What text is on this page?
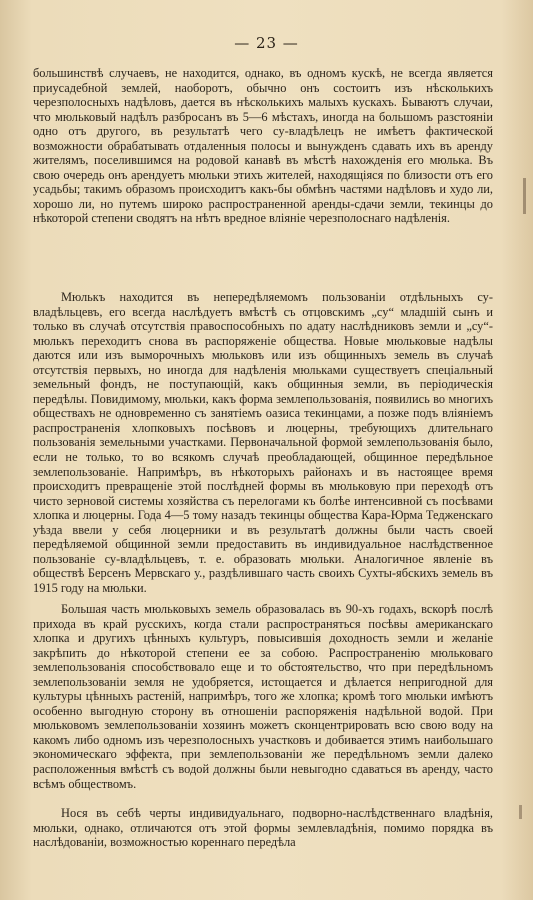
— 23 —

большинствѣ случаевъ, не находится, однако, въ одномъ кускѣ, не всегда является приусадебной землей, наоборотъ, обычно онъ состоитъ изъ нѣсколькихъ черезполосныхъ надѣловъ, дается въ нѣсколькихъ малыхъ кускахъ. Бываютъ случаи, что мюльковый надѣлъ разбросанъ въ 5—6 мѣстахъ, иногда на большомъ разстояніи одно отъ другого, въ результатѣ чего су-владѣлецъ не имѣетъ фактической возможности обрабатывать отдаленныя полосы и вынужденъ сдавать ихъ въ аренду жителямъ, поселившимся на родовой канавѣ въ мѣстѣ нахожденія его мюлька. Въ свою очередь онъ арендуетъ мюльки этихъ жителей, находящіяся по близости отъ его усадьбы; такимъ образомъ происходитъ какъ-бы обмѣнъ частями надѣловъ и худо ли, хорошо ли, но путемъ широко распространенной аренды-сдачи земли, текинцы до нѣкоторой степени сводятъ на нѣтъ вредное вліяніе черезполоснаго надѣленія.

Мюлькъ находится въ непередѣляемомъ пользованіи отдѣльныхъ су-владѣльцевъ, его всегда наслѣдуетъ вмѣстѣ съ отцовскимъ „су“ младшій сынъ и только въ случаѣ отсутствія правоспособныхъ по адату наслѣдниковъ земли и „су“-мюлькъ переходитъ снова въ распоряженіе общества. Новые мюльковые надѣлы даются или изъ выморочныхъ мюльковъ или изъ общинныхъ земель въ случаѣ отсутствія первыхъ, но иногда для надѣленія мюльками существуетъ спеціальный земельный фондъ, не поступающій, какъ общинныя земли, въ періодическія передѣлы. Повидимому, мюльки, какъ форма землепользованія, появились во многихъ обществахъ не одновременно съ занятіемъ оазиса текинцами, а позже подъ вліяніемъ распространенія хлопковыхъ посѣвовъ и люцерны, требующихъ длительнаго пользованія земельными участками. Первоначальной формой землепользованія было, если не только, то во всякомъ случаѣ преобладающей, общинное передѣльное землепользованіе. Напримѣръ, въ нѣкоторыхъ районахъ и въ настоящее время происходитъ превращеніе этой послѣдней формы въ мюльковую при переходѣ отъ чисто зерновой системы хозяйства съ перелогами къ болѣе интенсивной съ посѣвами хлопка и люцерны. Года 4—5 тому назадъ текинцы общества Кара-Юрма Тедженскаго уѣзда ввели у себя люцерники и въ результатѣ должны были часть своей передѣляемой общинной земли предоставить въ индивидуальное наслѣдственное пользованіе су-владѣльцевъ, т. е. образовать мюльки. Аналогичное явленіе въ обществѣ Берсенъ Мервскаго у., раздѣлившаго часть своихъ Сухты-ябскихъ земель въ 1915 году на мюльки.

Большая часть мюльковыхъ земель образовалась въ 90-хъ годахъ, вскорѣ послѣ прихода въ край русскихъ, когда стали распространяться посѣвы американскаго хлопка и другихъ цѣнныхъ культуръ, повысившія доходность земли и желаніе закрѣпить до нѣкоторой степени ее за собою. Распространенію мюльковаго землепользованія способствовало еще и то обстоятельство, что при передѣльномъ землепользованіи земля не удобряется, истощается и дѣлается непригодной для культуры цѣнныхъ растеній, напримѣръ, того же хлопка; кромѣ того мюльки имѣютъ особенно выгодную сторону въ отношеніи распоряженія надѣльной водой. При мюльковомъ землепользованіи хозяинъ можетъ сконцентрировать всю свою воду на какомъ либо одномъ изъ черезполосныхъ участковъ и добивается этимъ наибольшаго экономическаго эффекта, при землепользованіи же передѣльномъ земли далеко расположенныя вмѣстѣ съ водой должны были невыгодно сдаваться въ аренду, часто всѣмъ обществомъ.

Нося въ себѣ черты индивидуальнаго, подворно-наслѣдственнаго владѣнія, мюльки, однако, отличаются отъ этой формы землевладѣнія, помимо порядка въ наслѣдованіи, возможностью кореннаго передѣла
